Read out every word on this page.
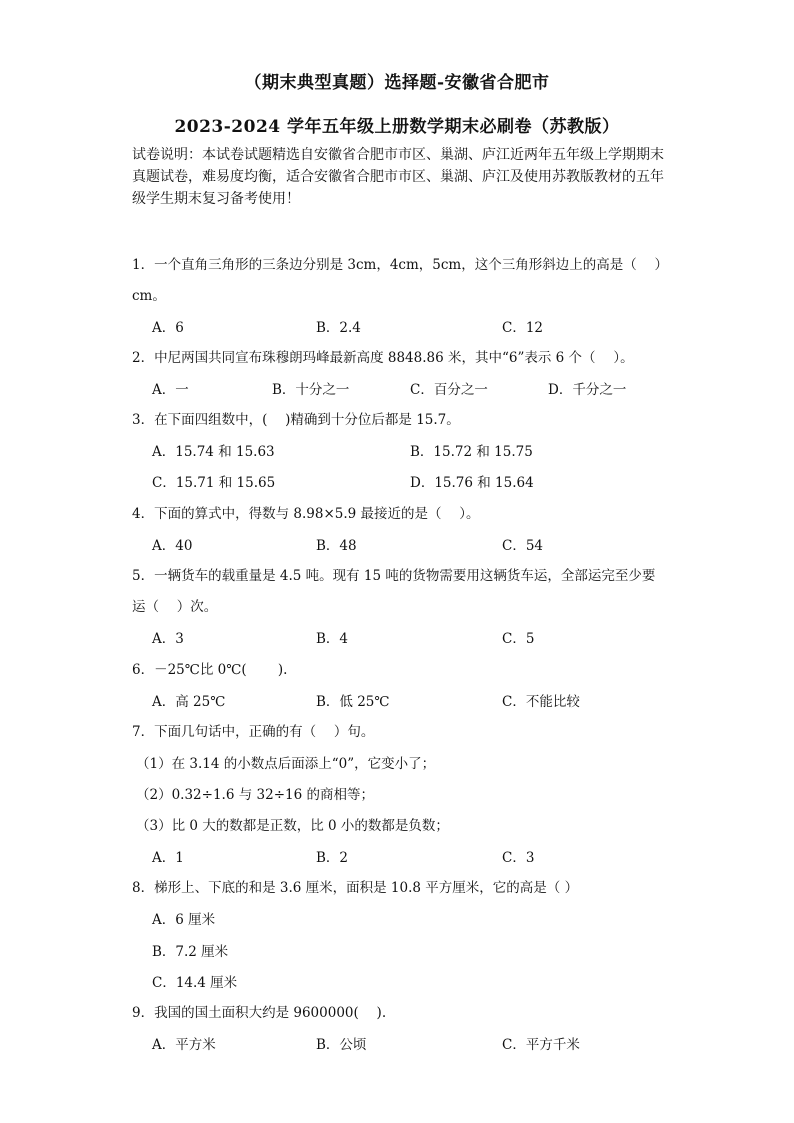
（期末典型真题）选择题-安徽省合肥市
2023-2024 学年五年级上册数学期末必刷卷（苏教版）
试卷说明：本试卷试题精选自安徽省合肥市市区、巢湖、庐江近两年五年级上学期期末真题试卷，难易度均衡，适合安徽省合肥市市区、巢湖、庐江及使用苏教版教材的五年级学生期末复习备考使用！
1．一个直角三角形的三条边分别是 3cm，4cm，5cm，这个三角形斜边上的高是（　 ）
cm。
A．6	B．2.4	C．12
2．中尼两国共同宣布珠穆朗玛峰最新高度 8848.86 米，其中“6”表示 6 个（　 ）。
A．一	B．十分之一	C．百分之一	D．千分之一
3．在下面四组数中，(　 )精确到十分位后都是 15.7。
A．15.74 和 15.63	B．15.72 和 15.75
C．15.71 和 15.65	D．15.76 和 15.64
4．下面的算式中，得数与 8.98×5.9 最接近的是（　 ）。
A．40	B．48	C．54
5．一辆货车的载重量是 4.5 吨。现有 15 吨的货物需要用这辆货车运，全部运完至少要
运（　 ）次。
A．3	B．4	C．5
6．－25℃比 0℃(　　 ).
A．高 25℃	B．低 25℃	C．不能比较
7．下面几句话中，正确的有（　 ）句。
（1）在 3.14 的小数点后面添上“0”，它变小了；
（2）0.32÷1.6 与 32÷16 的商相等；
（3）比 0 大的数都是正数，比 0 小的数都是负数；
A．1	B．2	C．3
8．梯形上、下底的和是 3.6 厘米，面积是 10.8 平方厘米，它的高是（ ）
A．6 厘米
B．7.2 厘米
C．14.4 厘米
9．我国的国土面积大约是 9600000(　 ).
A．平方米	B．公顷	C．平方千米
